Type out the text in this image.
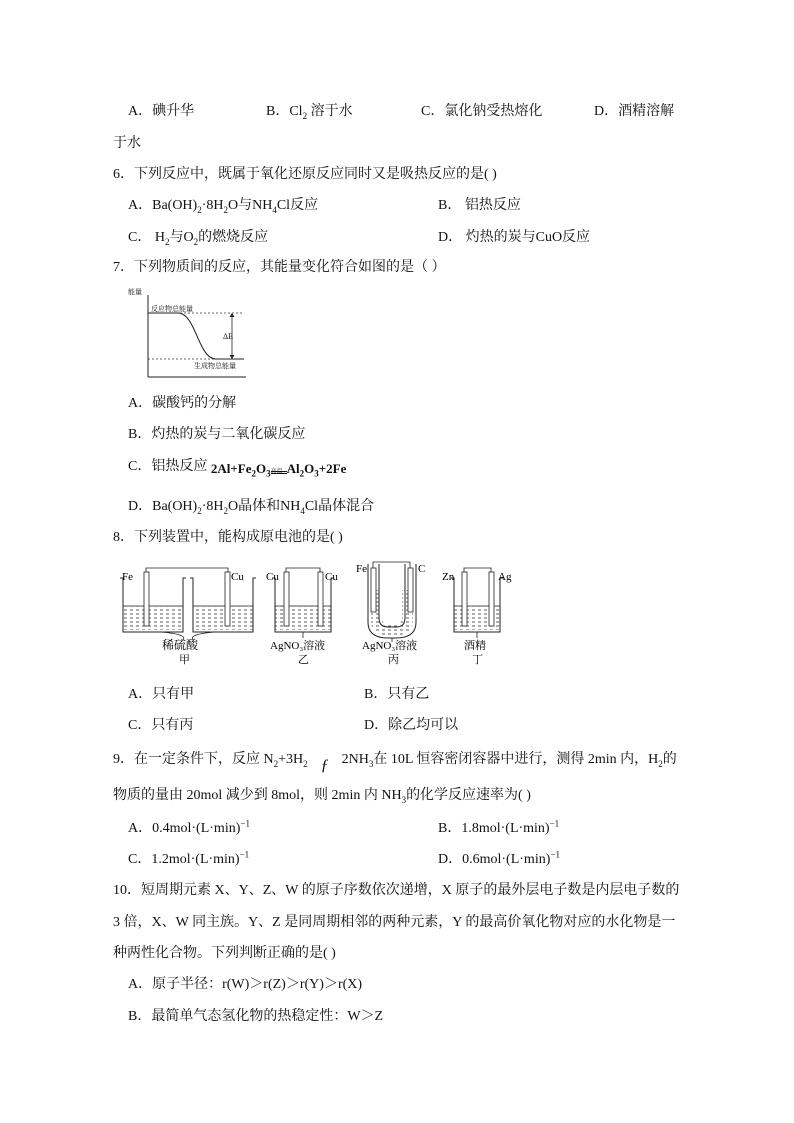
A．碘升华	B．$Cl_2$ 溶于水	C．氯化钠受热熔化	D．酒精溶解
于水
6．下列反应中，既属于氧化还原反应同时又是吸热反应的是( )
A．$Ba(OH)_2\cdot 8H_2O$与$NH_4Cl$反应	B． 铝热反应
C． $H_2$与$O_2$的燃烧反应	D． 灼热的炭与CuO反应
7．下列物质间的反应，其能量变化符合如图的是（ ）
能量
反应物总能量
生成物总能量
ΔE
A．碳酸钙的分解
B．灼热的炭与二氧化碳反应
C．铝热反应 $2Al+Fe_2O_3$ 高温 $Al_2O_3+2Fe$
D．$Ba(OH)_2\cdot 8H_2O$晶体和$NH_4Cl$晶体混合
8．下列装置中，能构成原电池的是( )
Fe	Cu
稀硫酸
甲
Cu	Cu
AgNO₃溶液
乙
Fe	C
AgNO₃溶液
丙
Zn	Ag
酒精
丁
A．只有甲	B．只有乙
C．只有丙	D．除乙均可以
9．在一定条件下，反应 $N_2+3H_2$ ƒ $2NH_3$在 10L 恒容密闭容器中进行，测得 2min 内，$H_2$的
物质的量由 20mol 减少到 8mol，则 2min 内 $NH_3$的化学反应速率为( )
A．$0.4mol\cdot(L\cdot\min)^{-1}$	B．$1.8mol\cdot(L\cdot\min)^{-1}$
C．$1.2mol\cdot(L\cdot\min)^{-1}$	D．$0.6mol\cdot(L\cdot\min)^{-1}$
10．短周期元素 X、Y、Z、W 的原子序数依次递增，X 原子的最外层电子数是内层电子数的
3 倍，X、W 同主族。Y、Z 是同周期相邻的两种元素，Y 的最高价氧化物对应的水化物是一
种两性化合物。下列判断正确的是( )
A．原子半径：r(W)＞r(Z)＞r(Y)＞r(X)
B．最简单气态氢化物的热稳定性：W＞Z
